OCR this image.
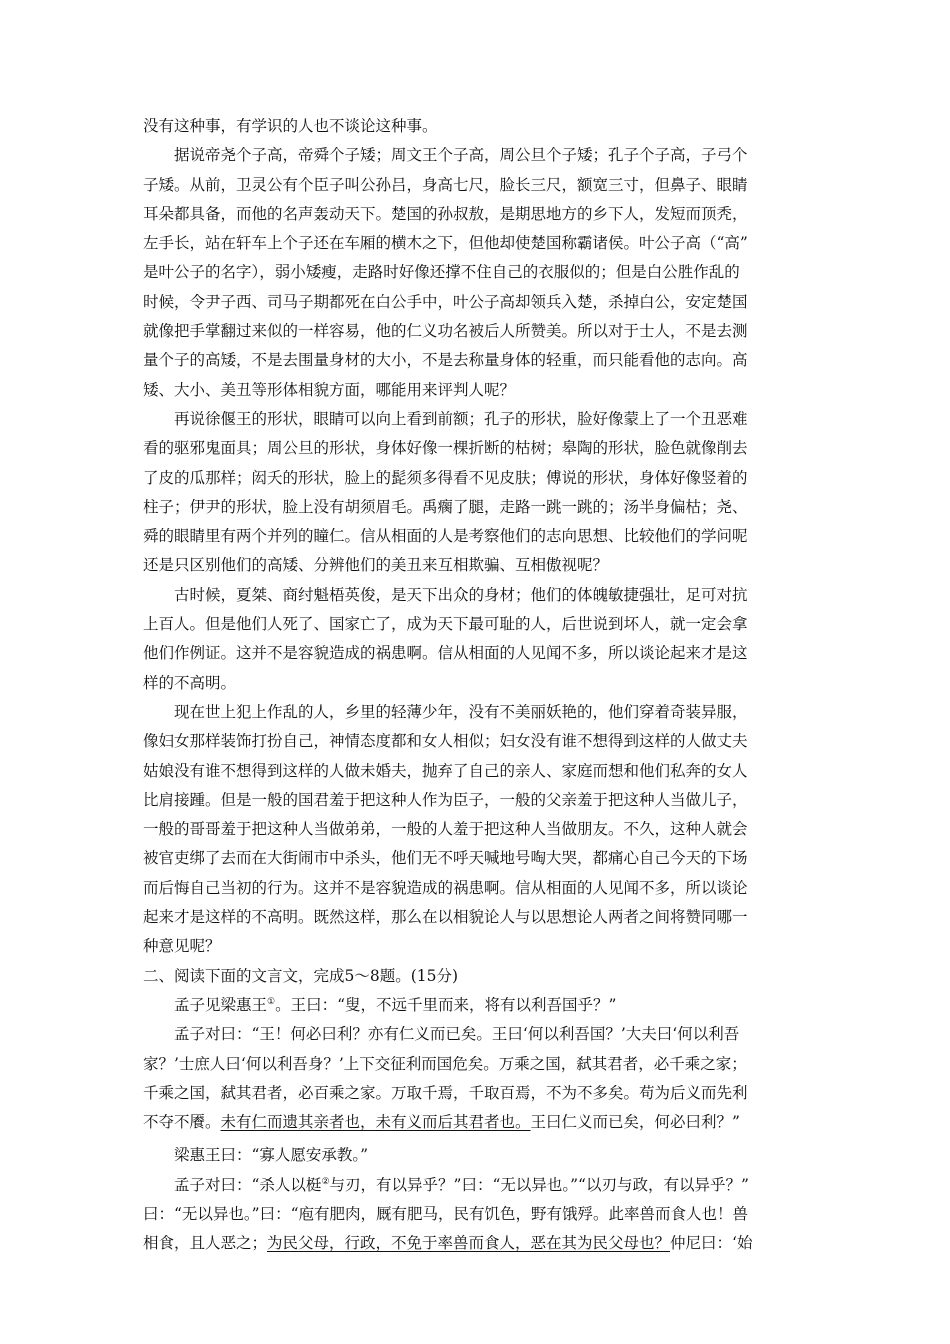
没有这种事，有学识的人也不谈论这种事。
据说帝尧个子高，帝舜个子矮；周文王个子高，周公旦个子矮；孔子个子高，子弓个
子矮。从前，卫灵公有个臣子叫公孙吕，身高七尺，脸长三尺，额宽三寸，但鼻子、眼睛
耳朵都具备，而他的名声轰动天下。楚国的孙叔敖，是期思地方的乡下人，发短而顶秃，
左手长，站在轩车上个子还在车厢的横木之下，但他却使楚国称霸诸侯。叶公子高（“高”
是叶公子的名字），弱小矮瘦，走路时好像还撑不住自己的衣服似的；但是白公胜作乱的
时候，令尹子西、司马子期都死在白公手中，叶公子高却领兵入楚，杀掉白公，安定楚国
就像把手掌翻过来似的一样容易，他的仁义功名被后人所赞美。所以对于士人，不是去测
量个子的高矮，不是去围量身材的大小，不是去称量身体的轻重，而只能看他的志向。高
矮、大小、美丑等形体相貌方面，哪能用来评判人呢？
再说徐偃王的形状，眼睛可以向上看到前额；孔子的形状，脸好像蒙上了一个丑恶难
看的驱邪鬼面具；周公旦的形状，身体好像一棵折断的枯树；皋陶的形状，脸色就像削去
了皮的瓜那样；闳夭的形状，脸上的髭须多得看不见皮肤；傅说的形状，身体好像竖着的
柱子；伊尹的形状，脸上没有胡须眉毛。禹瘸了腿，走路一跳一跳的；汤半身偏枯；尧、
舜的眼睛里有两个并列的瞳仁。信从相面的人是考察他们的志向思想、比较他们的学问呢
还是只区别他们的高矮、分辨他们的美丑来互相欺骗、互相傲视呢？
古时候，夏桀、商纣魁梧英俊，是天下出众的身材；他们的体魄敏捷强壮，足可对抗
上百人。但是他们人死了、国家亡了，成为天下最可耻的人，后世说到坏人，就一定会拿
他们作例证。这并不是容貌造成的祸患啊。信从相面的人见闻不多，所以谈论起来才是这
样的不高明。
现在世上犯上作乱的人，乡里的轻薄少年，没有不美丽妖艳的，他们穿着奇装异服，
像妇女那样装饰打扮自己，神情态度都和女人相似；妇女没有谁不想得到这样的人做丈夫
姑娘没有谁不想得到这样的人做未婚夫，抛弃了自己的亲人、家庭而想和他们私奔的女人
比肩接踵。但是一般的国君羞于把这种人作为臣子，一般的父亲羞于把这种人当做儿子，
一般的哥哥羞于把这种人当做弟弟，一般的人羞于把这种人当做朋友。不久，这种人就会
被官吏绑了去而在大街闹市中杀头，他们无不呼天喊地号啕大哭，都痛心自己今天的下场
而后悔自己当初的行为。这并不是容貌造成的祸患啊。信从相面的人见闻不多，所以谈论
起来才是这样的不高明。既然这样，那么在以相貌论人与以思想论人两者之间将赞同哪一
种意见呢？
二、阅读下面的文言文，完成5～8题。(15分)
孟子见梁惠王①。王曰：“叟，不远千里而来，将有以利吾国乎？”
孟子对曰：“王！何必曰利？亦有仁义而已矣。王曰‘何以利吾国？’大夫曰‘何以利吾
家？’士庶人曰‘何以利吾身？’上下交征利而国危矣。万乘之国，弑其君者，必千乘之家；
千乘之国，弑其君者，必百乘之家。万取千焉，千取百焉，不为不多矣。苟为后义而先利
不夺不餍。未有仁而遗其亲者也，未有义而后其君者也。王曰仁义而已矣，何必曰利？”
梁惠王曰：“寡人愿安承教。”
孟子对曰：“杀人以梃②与刃，有以异乎？”曰：“无以异也。”“以刃与政，有以异乎？”
曰：“无以异也。”曰：“庖有肥肉，厩有肥马，民有饥色，野有饿殍。此率兽而食人也！兽
相食，且人恶之；为民父母，行政，不免于率兽而食人，恶在其为民父母也？仲尼曰：‘始
